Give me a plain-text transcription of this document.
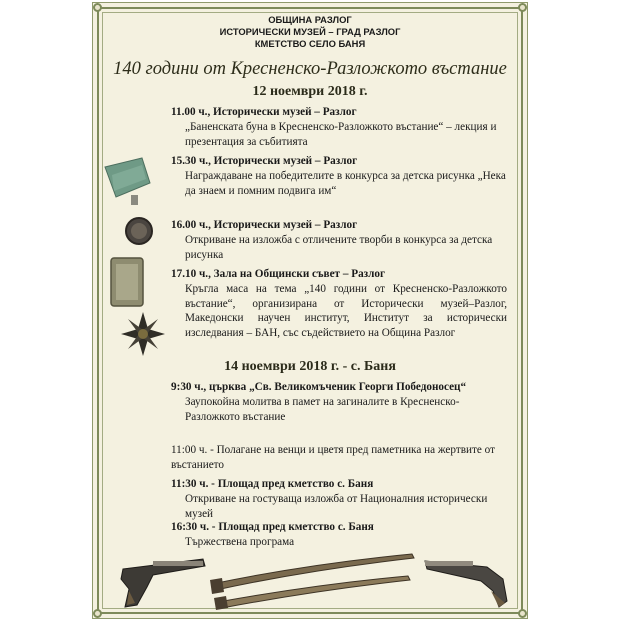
ОБЩИНА РАЗЛОГ
ИСТОРИЧЕСКИ МУЗЕЙ – ГРАД РАЗЛОГ
КМЕТСТВО СЕЛО БАНЯ
140 години от Кресненско-Разложкото въстание
12 ноември 2018 г.
11.00 ч., Исторически музей – Разлог
„Баненската буна в Кресненско-Разложкото въстание“ – лекция и презентация за събитията
15.30 ч., Исторически музей – Разлог
Награждаване на победителите в конкурса за детска рисунка „Нека да знаем и помним подвига им“
16.00 ч., Исторически музей – Разлог
Откриване на изложба с отличените творби в конкурса за детска рисунка
17.10 ч., Зала на Общински съвет – Разлог
Кръгла маса на тема „140 години от Кресненско-Разложкото въстание“, организирана от Исторически музей–Разлог, Македонски научен институт, Институт за исторически изследвания – БАН, със съдействието на Община Разлог
14 ноември 2018 г. - с. Баня
9:30 ч., църква „Св. Великомъченик Георги Победоносец“
Заупокойна молитва в памет на загиналите в Кресненско-Разложкото въстание
11:00 ч. - Полагане на венци и цветя пред паметника на жертвите от въстанието
11:30 ч. - Площад пред кметство с. Баня
Откриване на гостуваща изложба от Националния исторически музей
16:30 ч. - Площад пред кметство с. Баня
Тържествена програма
